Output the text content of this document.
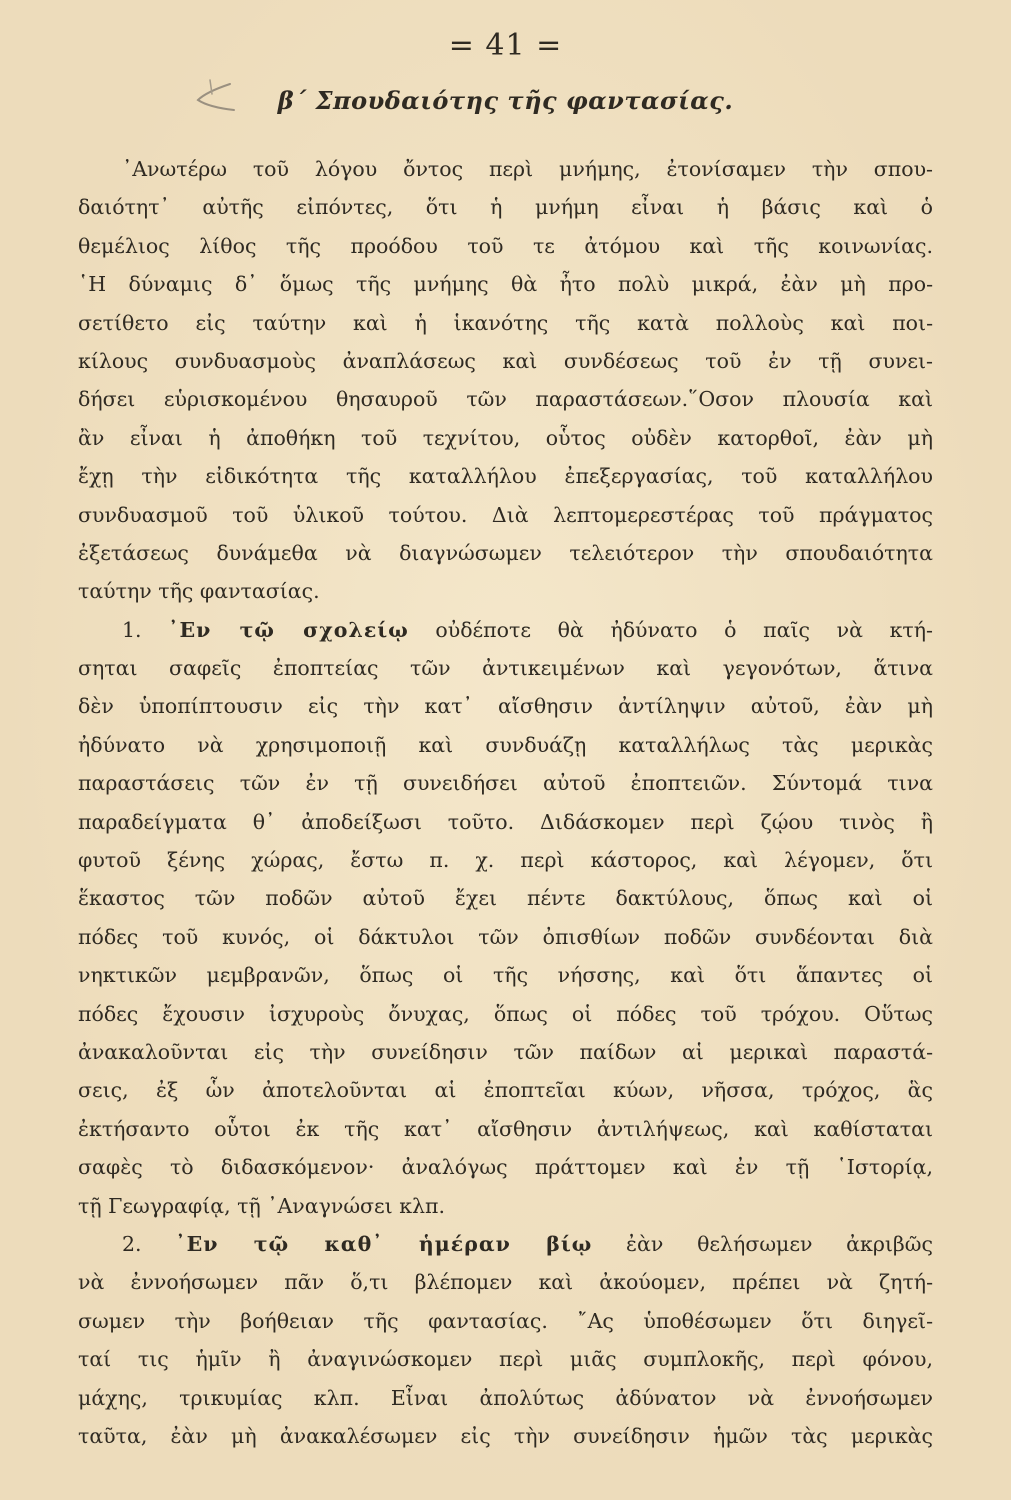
= 41 =
β΄ Σπουδαιότης τῆς φαντασίας.
᾿Ανωτέρω τοῦ λόγου ὄντος περὶ μνήμης, ἐτονίσαμεν τὴν σπου-
δαιότητ᾿ αὐτῆς εἰπόντες, ὅτι ἡ μνήμη εἶναι ἡ βάσις καὶ ὁ
θεμέλιος λίθος τῆς προόδου τοῦ τε ἀτόμου καὶ τῆς κοινωνίας.
῾Η δύναμις δ᾿ ὅμως τῆς μνήμης θὰ ἦτο πολὺ μικρά, ἐὰν μὴ προ-
σετίθετο εἰς ταύτην καὶ ἡ ἱκανότης τῆς κατὰ πολλοὺς καὶ ποι-
κίλους συνδυασμοὺς ἀναπλάσεως καὶ συνδέσεως τοῦ ἐν τῇ συνει-
δήσει εὑρισκομένου θησαυροῦ τῶν παραστάσεων.῞Οσον πλουσία καὶ
ἂν εἶναι ἡ ἀποθήκη τοῦ τεχνίτου, οὗτος οὐδὲν κατορθοῖ, ἐὰν μὴ
ἔχῃ τὴν εἰδικότητα τῆς καταλλήλου ἐπεξεργασίας, τοῦ καταλλήλου
συνδυασμοῦ τοῦ ὑλικοῦ τούτου. Διὰ λεπτομερεστέρας τοῦ πράγματος
ἐξετάσεως δυνάμεθα νὰ διαγνώσωμεν τελειότερον τὴν σπουδαιότητα
ταύτην τῆς φαντασίας.
1. ᾿Εν τῷ σχολείῳ οὐδέποτε θὰ ἠδύνατο ὁ παῖς νὰ κτή-
σηται σαφεῖς ἐποπτείας τῶν ἀντικειμένων καὶ γεγονότων, ἅτινα
δὲν ὑποπίπτουσιν εἰς τὴν κατ᾿ αἴσθησιν ἀντίληψιν αὐτοῦ, ἐὰν μὴ
ἠδύνατο νὰ χρησιμοποιῇ καὶ συνδυάζῃ καταλλήλως τὰς μερικὰς
παραστάσεις τῶν ἐν τῇ συνειδήσει αὐτοῦ ἐποπτειῶν. Σύντομά τινα
παραδείγματα θ᾿ ἀποδείξωσι τοῦτο. Διδάσκομεν περὶ ζῴου τινὸς ἢ
φυτοῦ ξένης χώρας, ἔστω π. χ. περὶ κάστορος, καὶ λέγομεν, ὅτι
ἕκαστος τῶν ποδῶν αὐτοῦ ἔχει πέντε δακτύλους, ὅπως καὶ οἱ
πόδες τοῦ κυνός, οἱ δάκτυλοι τῶν ὀπισθίων ποδῶν συνδέονται διὰ
νηκτικῶν μεμβρανῶν, ὅπως οἱ τῆς νήσσης, καὶ ὅτι ἅπαντες οἱ
πόδες ἔχουσιν ἰσχυροὺς ὄνυχας, ὅπως οἱ πόδες τοῦ τρόχου. Οὕτως
ἀνακαλοῦνται εἰς τὴν συνείδησιν τῶν παίδων αἱ μερικαὶ παραστά-
σεις, ἐξ ὧν ἀποτελοῦνται αἱ ἐποπτεῖαι κύων, νῆσσα, τρόχος, ἃς
ἐκτήσαντο οὗτοι ἐκ τῆς κατ᾿ αἴσθησιν ἀντιλήψεως, καὶ καθίσταται
σαφὲς τὸ διδασκόμενον· ἀναλόγως πράττομεν καὶ ἐν τῇ ῾Ιστορίᾳ,
τῇ Γεωγραφίᾳ, τῇ ᾿Αναγνώσει κλπ.
2. ᾿Εν τῷ καθ᾿ ἡμέραν βίῳ ἐὰν θελήσωμεν ἀκριβῶς
νὰ ἐννοήσωμεν πᾶν ὅ,τι βλέπομεν καὶ ἀκούομεν, πρέπει νὰ ζητή-
σωμεν τὴν βοήθειαν τῆς φαντασίας. ῎Ας ὑποθέσωμεν ὅτι διηγεῖ-
ταί τις ἡμῖν ἢ ἀναγινώσκομεν περὶ μιᾶς συμπλοκῆς, περὶ φόνου,
μάχης, τρικυμίας κλπ. Εἶναι ἀπολύτως ἀδύνατον νὰ ἐννοήσωμεν
ταῦτα, ἐὰν μὴ ἀνακαλέσωμεν εἰς τὴν συνείδησιν ἡμῶν τὰς μερικὰς
